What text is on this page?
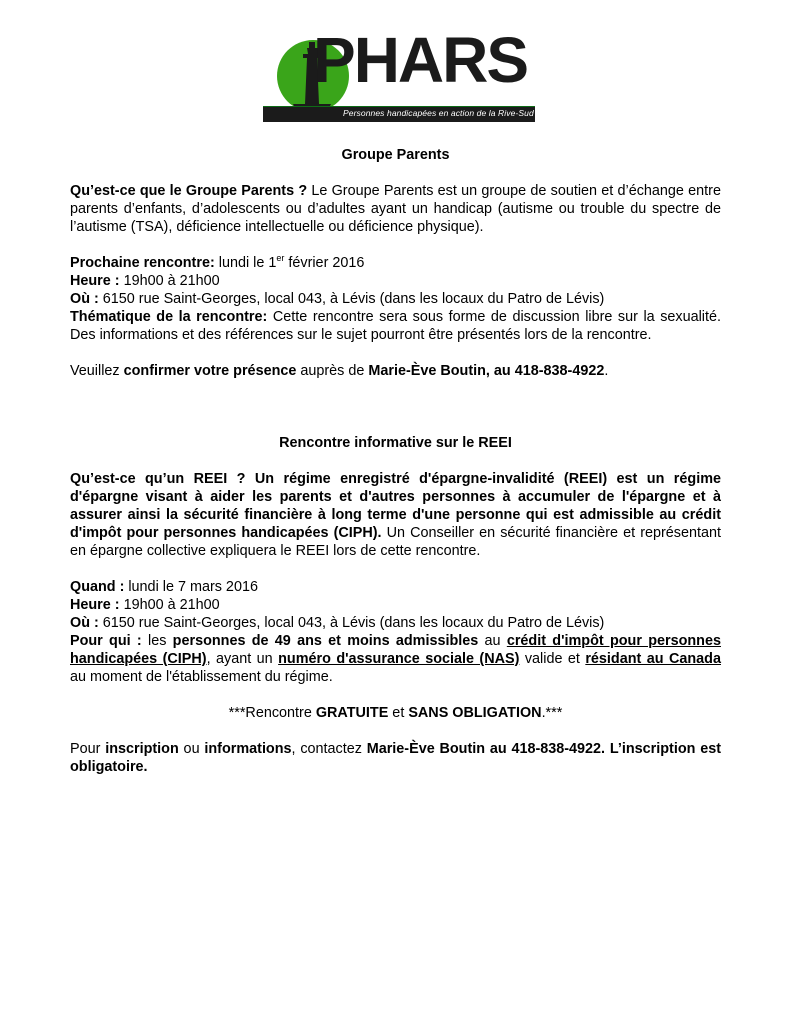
PHARS
Personnes handicapées en action de la Rive-Sud

Groupe Parents

Qu’est-ce que le Groupe Parents ? Le Groupe Parents est un groupe de soutien et d’échange entre parents d’enfants, d’adolescents ou d’adultes ayant un handicap (autisme ou trouble du spectre de l’autisme (TSA), déficience intellectuelle ou déficience physique).

Prochaine rencontre: lundi le 1er février 2016

Heure : 19h00 à 21h00

Où : 6150 rue Saint-Georges, local 043, à Lévis (dans les locaux du Patro de Lévis)

Thématique de la rencontre: Cette rencontre sera sous forme de discussion libre sur la sexualité. Des informations et des références sur le sujet pourront être présentés lors de la rencontre.

Veuillez confirmer votre présence auprès de Marie-Ève Boutin, au 418-838-4922.

Rencontre informative sur le REEI

Qu’est-ce qu’un REEI ? Un régime enregistré d'épargne-invalidité (REEI) est un régime d'épargne visant à aider les parents et d'autres personnes à accumuler de l'épargne et à assurer ainsi la sécurité financière à long terme d'une personne qui est admissible au crédit d'impôt pour personnes handicapées (CIPH). Un Conseiller en sécurité financière et représentant en épargne collective expliquera le REEI lors de cette rencontre.

Quand : lundi le 7 mars 2016

Heure : 19h00 à 21h00

Où : 6150 rue Saint-Georges, local 043, à Lévis (dans les locaux du Patro de Lévis)

Pour qui : les personnes de 49 ans et moins admissibles au crédit d'impôt pour personnes handicapées (CIPH), ayant un numéro d'assurance sociale (NAS) valide et résidant au Canada au moment de l'établissement du régime.

***Rencontre GRATUITE et SANS OBLIGATION.***

Pour inscription ou informations, contactez Marie-Ève Boutin au 418-838-4922. L’inscription est obligatoire.
